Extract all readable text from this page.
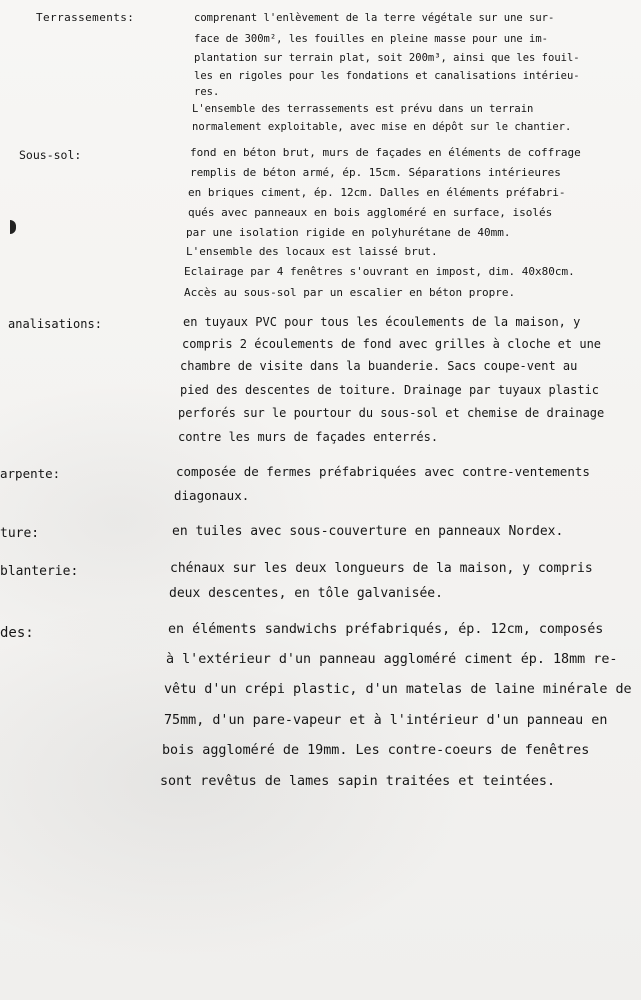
Terrassements:	comprenant l'enlèvement de la terre végétale sur une sur-
face de 300m², les fouilles en pleine masse pour une im-
plantation sur terrain plat, soit 200m³, ainsi que les fouil-
les en rigoles pour les fondations et canalisations intérieu-
res.
L'ensemble des terrassements est prévu dans un terrain
normalement exploitable, avec mise en dépôt sur le chantier.
Sous-sol:	fond en béton brut, murs de façades en éléments de coffrage
remplis de béton armé, ép. 15cm. Séparations intérieures
en briques ciment, ép. 12cm. Dalles en éléments préfabri-
qués avec panneaux en bois aggloméré en surface, isolés
par une isolation rigide en polyhurétane de 40mm.
L'ensemble des locaux est laissé brut.
Eclairage par 4 fenêtres s'ouvrant en impost, dim. 40x80cm.
Accès au sous-sol par un escalier en béton propre.
analisations:	en tuyaux PVC pour tous les écoulements de la maison, y
compris 2 écoulements de fond avec grilles à cloche et une
chambre de visite dans la buanderie. Sacs coupe-vent au
pied des descentes de toiture. Drainage par tuyaux plastic
perforés sur le pourtour du sous-sol et chemise de drainage
contre les murs de façades enterrés.
arpente:	composée de fermes préfabriquées avec contre-ventements
diagonaux.
ture:	en tuiles avec sous-couverture en panneaux Nordex.
blanterie:	chénaux sur les deux longueurs de la maison, y compris
deux descentes, en tôle galvanisée.
des:	en éléments sandwichs préfabriqués, ép. 12cm, composés
à l'extérieur d'un panneau aggloméré ciment ép. 18mm re-
vêtu d'un crépi plastic, d'un matelas de laine minérale de
75mm, d'un pare-vapeur et à l'intérieur d'un panneau en
bois aggloméré de 19mm. Les contre-coeurs de fenêtres
sont revêtus de lames sapin traitées et teintées.
